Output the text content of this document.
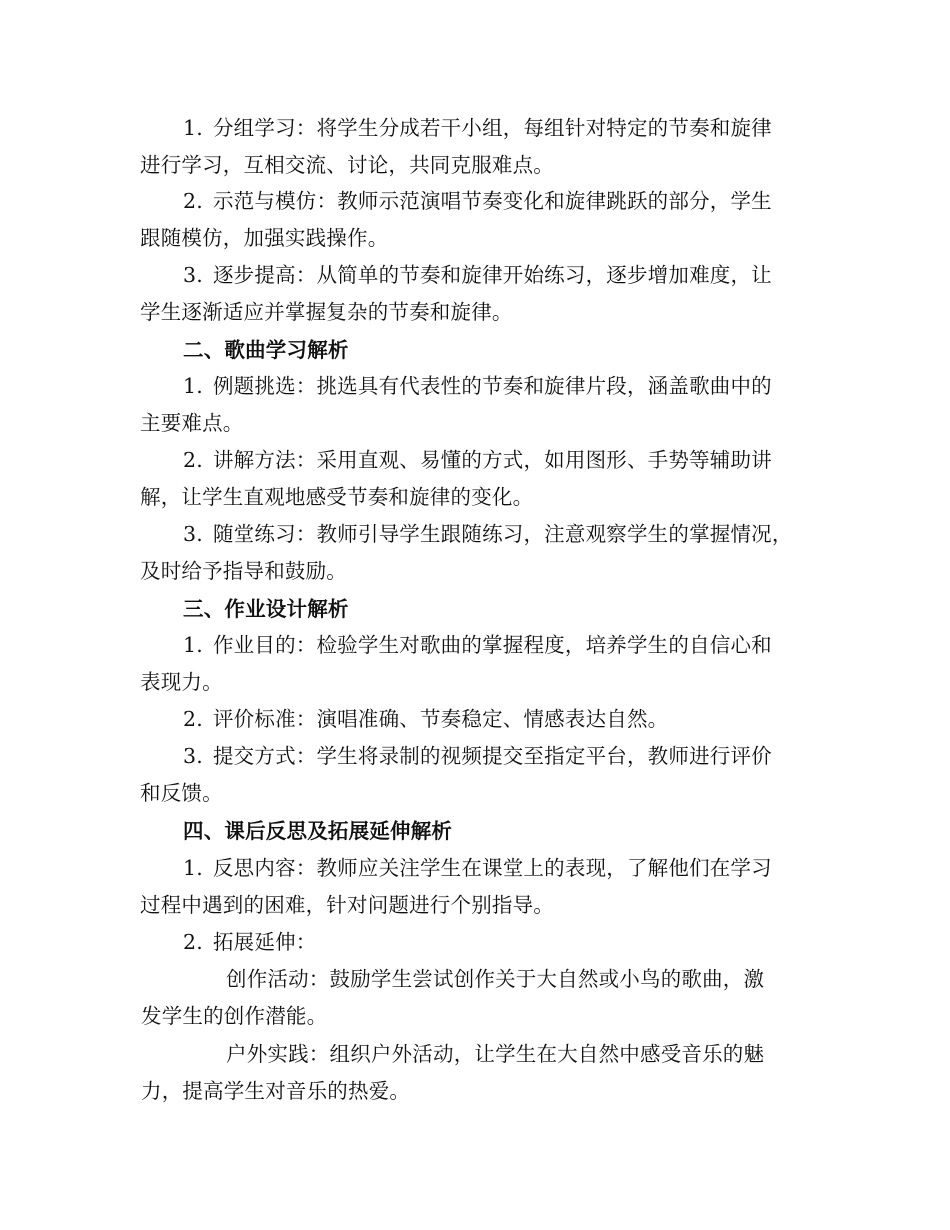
1. 分组学习：将学生分成若干小组，每组针对特定的节奏和旋律
进行学习，互相交流、讨论，共同克服难点。
2. 示范与模仿：教师示范演唱节奏变化和旋律跳跃的部分，学生
跟随模仿，加强实践操作。
3. 逐步提高：从简单的节奏和旋律开始练习，逐步增加难度，让
学生逐渐适应并掌握复杂的节奏和旋律。
二、歌曲学习解析
1. 例题挑选：挑选具有代表性的节奏和旋律片段，涵盖歌曲中的
主要难点。
2. 讲解方法：采用直观、易懂的方式，如用图形、手势等辅助讲
解，让学生直观地感受节奏和旋律的变化。
3. 随堂练习：教师引导学生跟随练习，注意观察学生的掌握情况，
及时给予指导和鼓励。
三、作业设计解析
1. 作业目的：检验学生对歌曲的掌握程度，培养学生的自信心和
表现力。
2. 评价标准：演唱准确、节奏稳定、情感表达自然。
3. 提交方式：学生将录制的视频提交至指定平台，教师进行评价
和反馈。
四、课后反思及拓展延伸解析
1. 反思内容：教师应关注学生在课堂上的表现，了解他们在学习
过程中遇到的困难，针对问题进行个别指导。
2. 拓展延伸：
创作活动：鼓励学生尝试创作关于大自然或小鸟的歌曲，激
发学生的创作潜能。
户外实践：组织户外活动，让学生在大自然中感受音乐的魅
力，提高学生对音乐的热爱。
